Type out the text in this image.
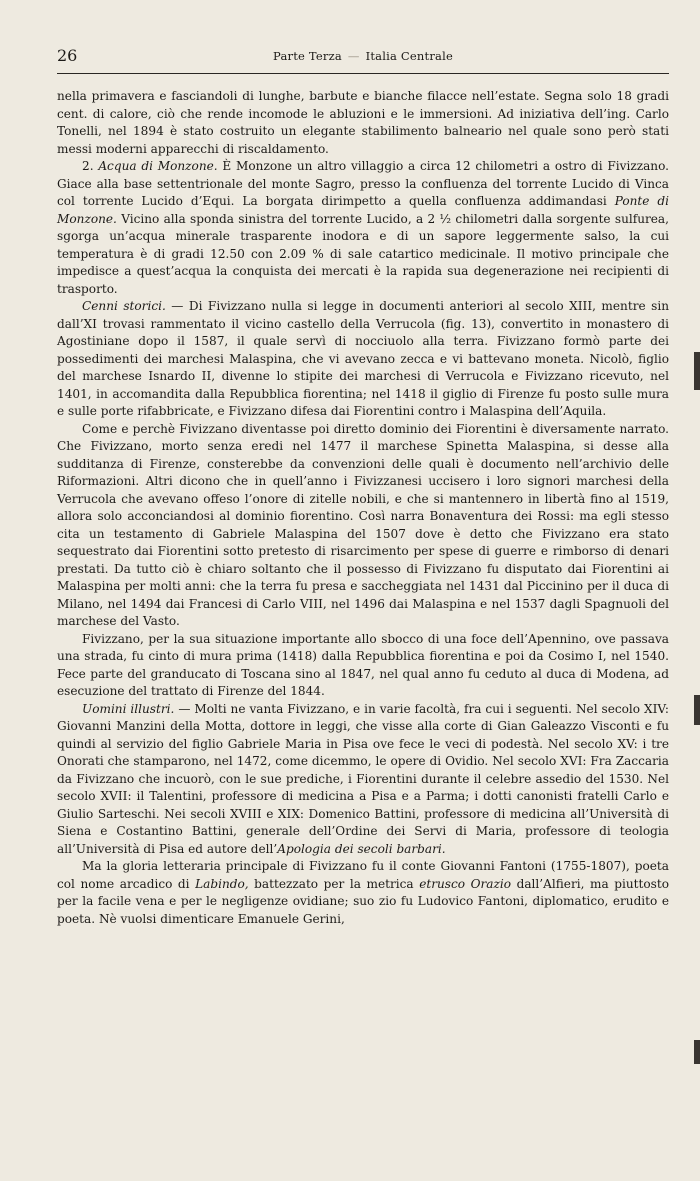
26	Parte Terza — Italia Centrale

nella primavera e fasciandoli di lunghe, barbute e bianche filacce nell’estate. Segna solo 18 gradi cent. di calore, ciò che rende incomode le abluzioni e le immersioni. Ad iniziativa dell’ing. Carlo Tonelli, nel 1894 è stato costruito un elegante stabilimento balneario nel quale sono però stati messi moderni apparecchi di riscaldamento.

2. Acqua di Monzone. È Monzone un altro villaggio a circa 12 chilometri a ostro di Fivizzano. Giace alla base settentrionale del monte Sagro, presso la confluenza del torrente Lucido di Vinca col torrente Lucido d’Equi. La borgata dirimpetto a quella confluenza addimandasi Ponte di Monzone. Vicino alla sponda sinistra del torrente Lucido, a 2 ½ chilometri dalla sorgente sulfurea, sgorga un’acqua minerale trasparente inodora e di un sapore leggermente salso, la cui temperatura è di gradi 12.50 con 2.09 % di sale catartico medicinale. Il motivo principale che impedisce a quest’acqua la conquista dei mercati è la rapida sua degenerazione nei recipienti di trasporto.

Cenni storici. — Di Fivizzano nulla si legge in documenti anteriori al secolo XIII, mentre sin dall’XI trovasi rammentato il vicino castello della Verrucola (fig. 13), convertito in monastero di Agostiniane dopo il 1587, il quale servì di nocciuolo alla terra. Fivizzano formò parte dei possedimenti dei marchesi Malaspina, che vi avevano zecca e vi battevano moneta. Nicolò, figlio del marchese Isnardo II, divenne lo stipite dei marchesi di Verrucola e Fivizzano ricevuto, nel 1401, in accomandita dalla Repubblica fiorentina; nel 1418 il giglio di Firenze fu posto sulle mura e sulle porte rifabbricate, e Fivizzano difesa dai Fiorentini contro i Malaspina dell’Aquila.

Come e perchè Fivizzano diventasse poi diretto dominio dei Fiorentini è diversamente narrato. Che Fivizzano, morto senza eredi nel 1477 il marchese Spinetta Malaspina, si desse alla sudditanza di Firenze, consterebbe da convenzioni delle quali è documento nell’archivio delle Riformazioni. Altri dicono che in quell’anno i Fivizzanesi uccisero i loro signori marchesi della Verrucola che avevano offeso l’onore di zitelle nobili, e che si mantennero in libertà fino al 1519, allora solo acconciandosi al dominio fiorentino. Così narra Bonaventura dei Rossi: ma egli stesso cita un testamento di Gabriele Malaspina del 1507 dove è detto che Fivizzano era stato sequestrato dai Fiorentini sotto pretesto di risarcimento per spese di guerre e rimborso di denari prestati. Da tutto ciò è chiaro soltanto che il possesso di Fivizzano fu disputato dai Fiorentini ai Malaspina per molti anni: che la terra fu presa e saccheggiata nel 1431 dal Piccinino per il duca di Milano, nel 1494 dai Francesi di Carlo VIII, nel 1496 dai Malaspina e nel 1537 dagli Spagnuoli del marchese del Vasto.

Fivizzano, per la sua situazione importante allo sbocco di una foce dell’Apennino, ove passava una strada, fu cinto di mura prima (1418) dalla Repubblica fiorentina e poi da Cosimo I, nel 1540. Fece parte del granducato di Toscana sino al 1847, nel qual anno fu ceduto al duca di Modena, ad esecuzione del trattato di Firenze del 1844.

Uomini illustri. — Molti ne vanta Fivizzano, e in varie facoltà, fra cui i seguenti. Nel secolo XIV: Giovanni Manzini della Motta, dottore in leggi, che visse alla corte di Gian Galeazzo Visconti e fu quindi al servizio del figlio Gabriele Maria in Pisa ove fece le veci di podestà. Nel secolo XV: i tre Onorati che stamparono, nel 1472, come dicemmo, le opere di Ovidio. Nel secolo XVI: Fra Zaccaria da Fivizzano che incuorò, con le sue prediche, i Fiorentini durante il celebre assedio del 1530. Nel secolo XVII: il Talentini, professore di medicina a Pisa e a Parma; i dotti canonisti fratelli Carlo e Giulio Sarteschi. Nei secoli XVIII e XIX: Domenico Battini, professore di medicina all’Università di Siena e Costantino Battini, generale dell’Ordine dei Servi di Maria, professore di teologia all’Università di Pisa ed autore dell’Apologia dei secoli barbari.

Ma la gloria letteraria principale di Fivizzano fu il conte Giovanni Fantoni (1755-1807), poeta col nome arcadico di Labindo, battezzato per la metrica etrusco Orazio dall’Alfieri, ma piuttosto per la facile vena e per le negligenze ovidiane; suo zio fu Ludovico Fantoni, diplomatico, erudito e poeta. Nè vuolsi dimenticare Emanuele Gerini,
